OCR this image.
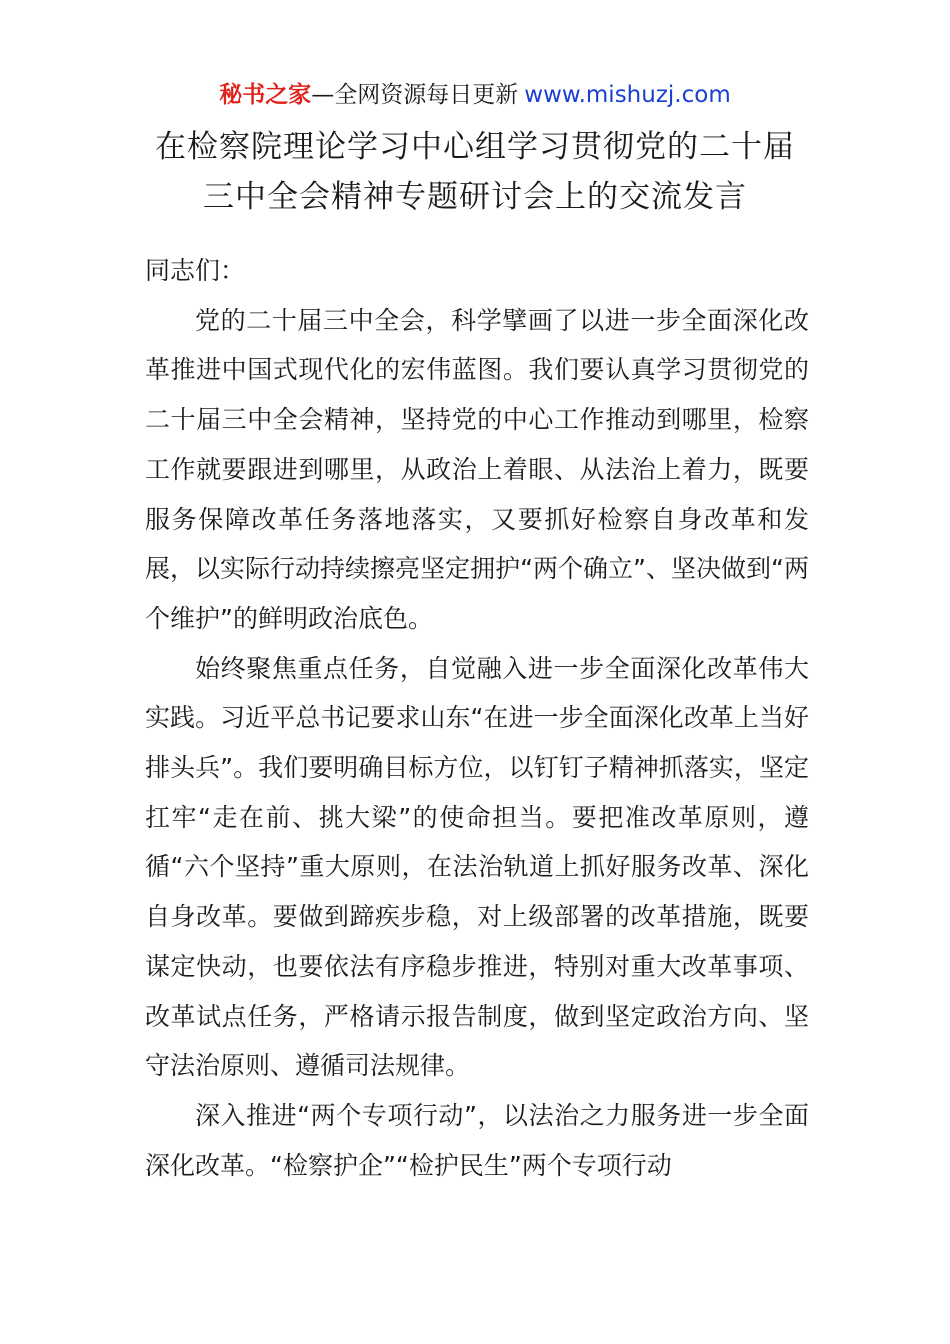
秘书之家—全网资源每日更新 www.mishuzj.com
在检察院理论学习中心组学习贯彻党的二十届
三中全会精神专题研讨会上的交流发言

同志们：

党的二十届三中全会，科学擘画了以进一步全面深化改革推进中国式现代化的宏伟蓝图。我们要认真学习贯彻党的二十届三中全会精神，坚持党的中心工作推动到哪里，检察工作就要跟进到哪里，从政治上着眼、从法治上着力，既要服务保障改革任务落地落实，又要抓好检察自身改革和发展，以实际行动持续擦亮坚定拥护“两个确立”、坚决做到“两个维护”的鲜明政治底色。

始终聚焦重点任务，自觉融入进一步全面深化改革伟大实践。习近平总书记要求山东“在进一步全面深化改革上当好排头兵”。我们要明确目标方位，以钉钉子精神抓落实，坚定扛牢“走在前、挑大梁”的使命担当。要把准改革原则，遵循“六个坚持”重大原则，在法治轨道上抓好服务改革、深化自身改革。要做到蹄疾步稳，对上级部署的改革措施，既要谋定快动，也要依法有序稳步推进，特别对重大改革事项、改革试点任务，严格请示报告制度，做到坚定政治方向、坚守法治原则、遵循司法规律。

深入推进“两个专项行动”，以法治之力服务进一步全面深化改革。“检察护企”“检护民生”两个专项行动
